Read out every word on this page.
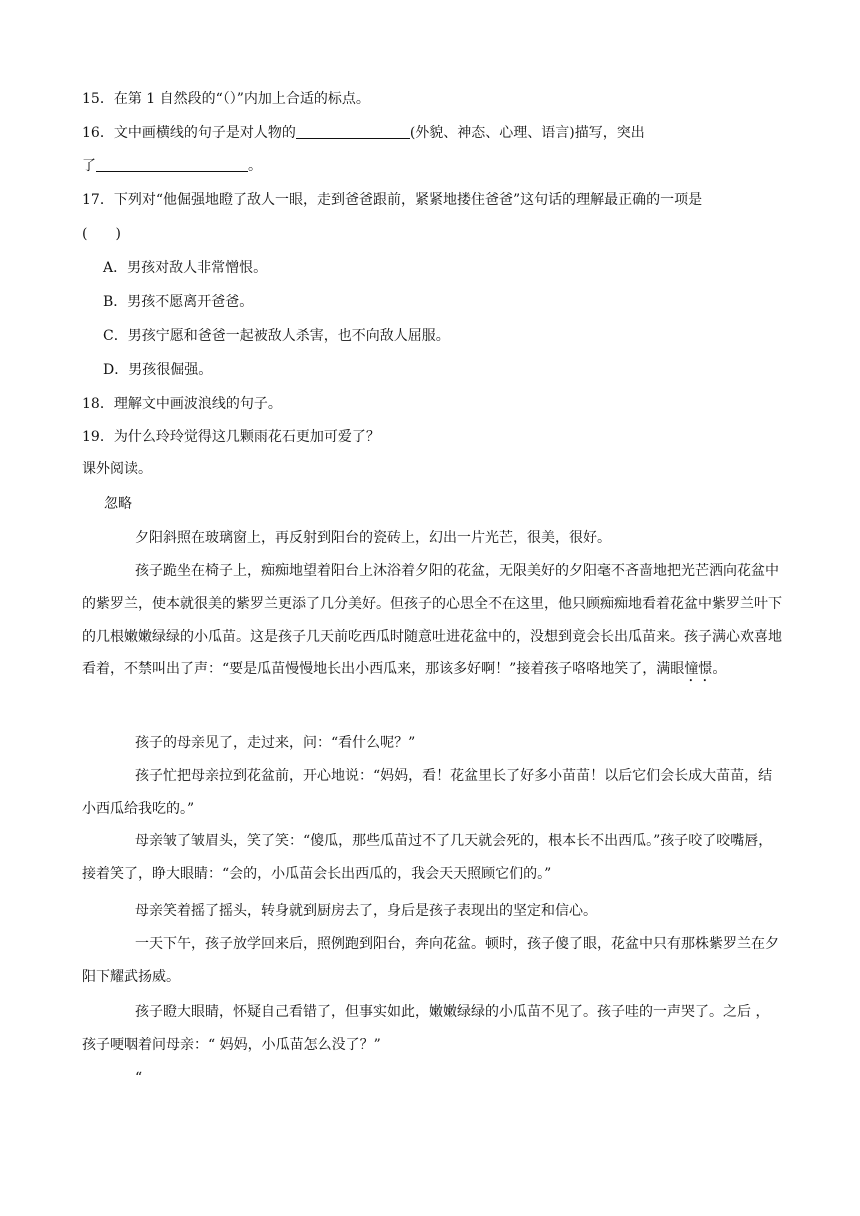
15．在第 1 自然段的“（）”内加上合适的标点。
16．文中画横线的句子是对人物的	(外貌、神态、心理、语言)描写，突出
了	。
17．下列对“他倔强地瞪了敌人一眼，走到爸爸跟前，紧紧地搂住爸爸”这句话的理解最正确的一项是
(　　)
A．男孩对敌人非常憎恨。
B．男孩不愿离开爸爸。
C．男孩宁愿和爸爸一起被敌人杀害，也不向敌人屈服。
D．男孩很倔强。
18．理解文中画波浪线的句子。
19．为什么玲玲觉得这几颗雨花石更加可爱了？
课外阅读。
忽略
夕阳斜照在玻璃窗上，再反射到阳台的瓷砖上，幻出一片光芒，很美，很好。
孩子跪坐在椅子上，痴痴地望着阳台上沐浴着夕阳的花盆，无限美好的夕阳毫不吝啬地把光芒洒向花盆中的紫罗兰，使本就很美的紫罗兰更添了几分美好。但孩子的心思全不在这里，他只顾痴痴地看着花盆中紫罗兰叶下的几根嫩嫩绿绿的小瓜苗。这是孩子几天前吃西瓜时随意吐进花盆中的，没想到竟会长出瓜苗来。孩子满心欢喜地看着，不禁叫出了声：“要是瓜苗慢慢地长出小西瓜来，那该多好啊！”接着孩子咯咯地笑了，满眼憧憬。
孩子的母亲见了，走过来，问：“看什么呢？”
孩子忙把母亲拉到花盆前，开心地说：“妈妈，看！花盆里长了好多小苗苗！以后它们会长成大苗苗，结小西瓜给我吃的。”
母亲皱了皱眉头，笑了笑：“傻瓜，那些瓜苗过不了几天就会死的，根本长不出西瓜。”孩子咬了咬嘴唇，接着笑了，睁大眼睛：“会的，小瓜苗会长出西瓜的，我会天天照顾它们的。”
母亲笑着摇了摇头，转身就到厨房去了，身后是孩子表现出的坚定和信心。
一天下午，孩子放学回来后，照例跑到阳台，奔向花盆。顿时，孩子傻了眼，花盆中只有那株紫罗兰在夕阳下耀武扬威。
孩子瞪大眼睛，怀疑自己看错了，但事实如此，嫩嫩绿绿的小瓜苗不见了。孩子哇的一声哭了。之后 ，孩子哽咽着问母亲：“ 妈妈，小瓜苗怎么没了？”
“
